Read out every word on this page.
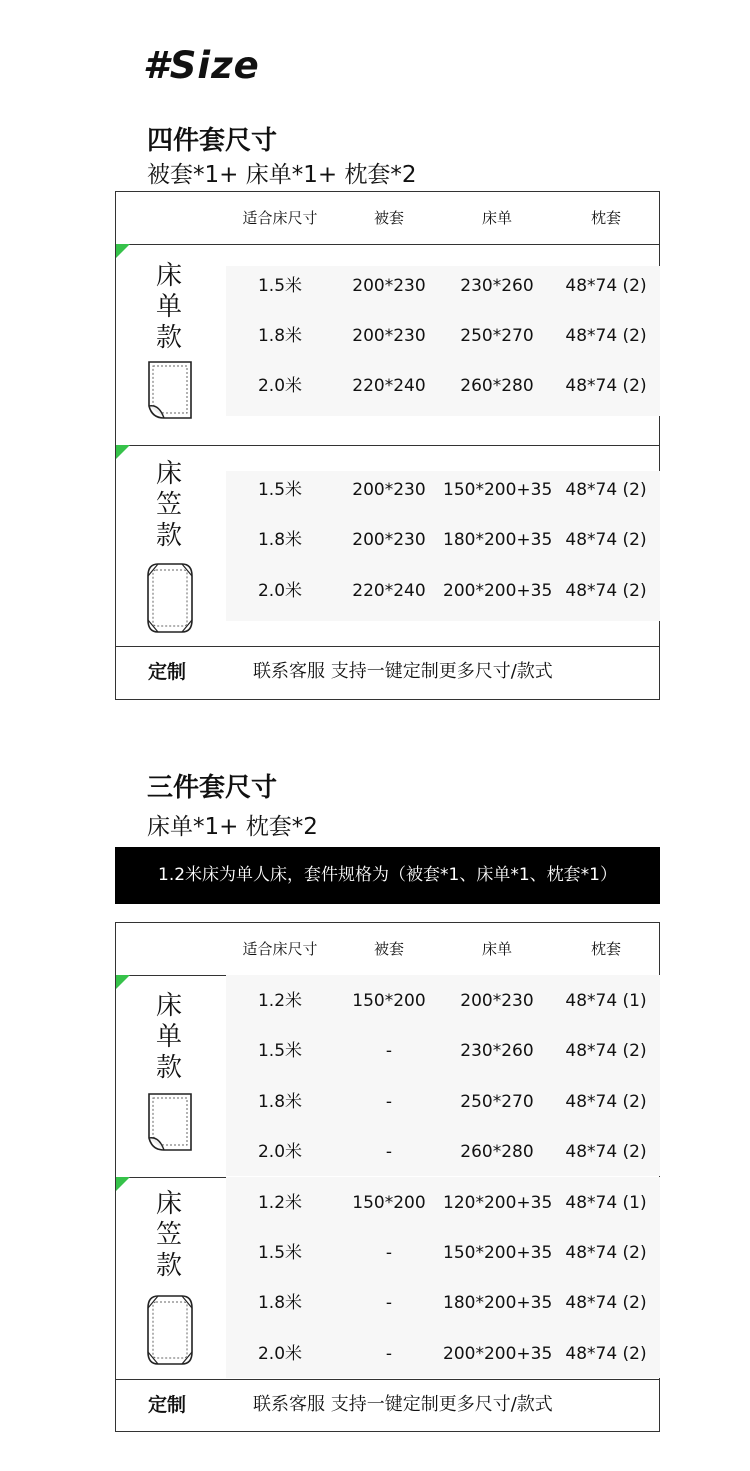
#Size
四件套尺寸
被套*1+ 床单*1+ 枕套*2
适合床尺寸	被套	床单	枕套
床
单
款
1.5米	200*230	230*260	48*74 (2)
1.8米	200*230	250*270	48*74 (2)
2.0米	220*240	260*280	48*74 (2)
床
笠
款
1.5米	200*230	150*200+35 48*74 (2)
1.8米	200*230	180*200+35 48*74 (2)
2.0米	220*240	200*200+35 48*74 (2)
定制	联系客服 支持一键定制更多尺寸/款式
三件套尺寸
床单*1+ 枕套*2
1.2米床为单人床，套件规格为（被套*1、床单*1、枕套*1）
适合床尺寸	被套	床单	枕套
床
单
款
1.2米	150*200	200*230	48*74 (1)
1.5米	-	230*260	48*74 (2)
1.8米	-	250*270	48*74 (2)
2.0米	-	260*280	48*74 (2)
床
笠
款
1.2米	150*200	120*200+35 48*74 (1)
1.5米	-	150*200+35 48*74 (2)
1.8米	-	180*200+35 48*74 (2)
2.0米	-	200*200+35 48*74 (2)
定制	联系客服 支持一键定制更多尺寸/款式
